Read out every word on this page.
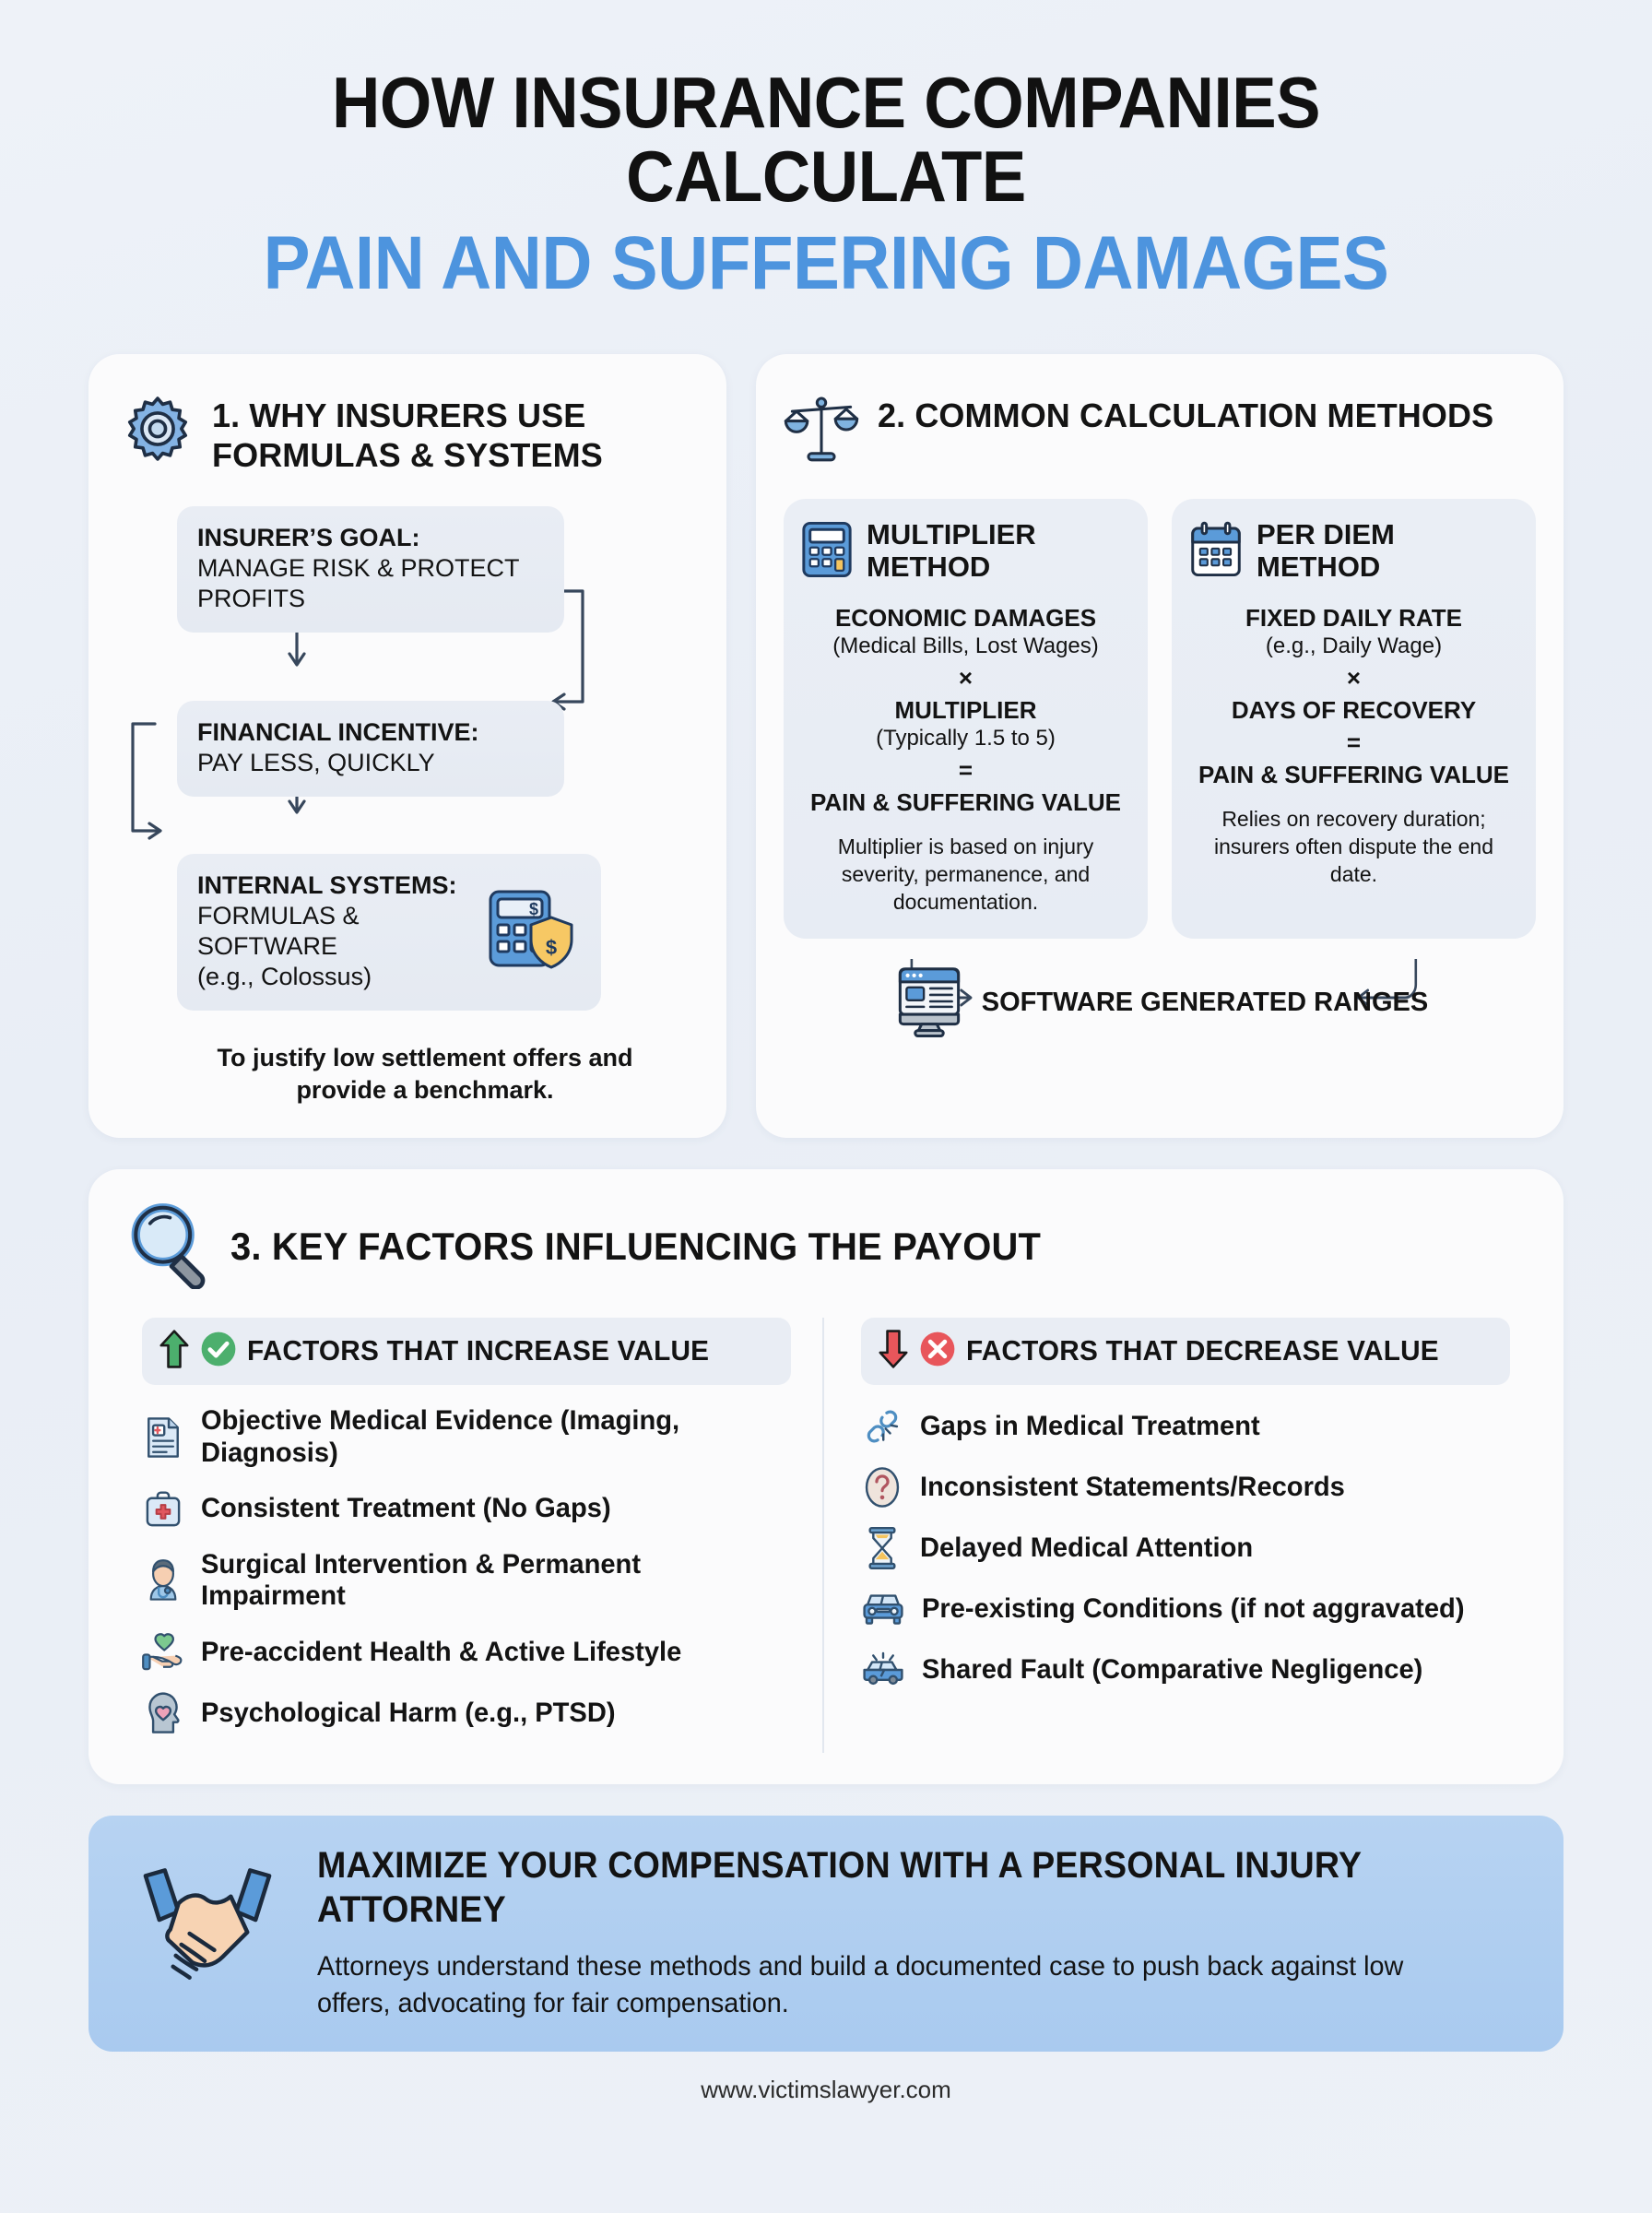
HOW INSURANCE COMPANIES CALCULATE
PAIN AND SUFFERING DAMAGES
1. WHY INSURERS USE FORMULAS & SYSTEMS
INSURER’S GOAL:
MANAGE RISK & PROTECT PROFITS
FINANCIAL INCENTIVE:
PAY LESS, QUICKLY
INTERNAL SYSTEMS:
FORMULAS & SOFTWARE
(e.g., Colossus)
$
$
To justify low settlement offers and provide a benchmark.
2. COMMON CALCULATION METHODS
MULTIPLIER METHOD
ECONOMIC DAMAGES
(Medical Bills, Lost Wages)
×
MULTIPLIER
(Typically 1.5 to 5)
=
PAIN & SUFFERING VALUE
Multiplier is based on injury severity, permanence, and documentation.
PER DIEM METHOD
FIXED DAILY RATE
(e.g., Daily Wage)
×
DAYS OF RECOVERY
=
PAIN & SUFFERING VALUE
Relies on recovery duration; insurers often dispute the end date.
SOFTWARE GENERATED RANGES
3. KEY FACTORS INFLUENCING THE PAYOUT
FACTORS THAT INCREASE VALUE
Objective Medical Evidence (Imaging, Diagnosis)
Consistent Treatment (No Gaps)
Surgical Intervention & Permanent Impairment
Pre-accident Health & Active Lifestyle
Psychological Harm (e.g., PTSD)
FACTORS THAT DECREASE VALUE
Gaps in Medical Treatment
Inconsistent Statements/Records
Delayed Medical Attention
Pre-existing Conditions (if not aggravated)
Shared Fault (Comparative Negligence)
MAXIMIZE YOUR COMPENSATION WITH A PERSONAL INJURY ATTORNEY
Attorneys understand these methods and build a documented case to push back against low offers, advocating for fair compensation.
www.victimslawyer.com
